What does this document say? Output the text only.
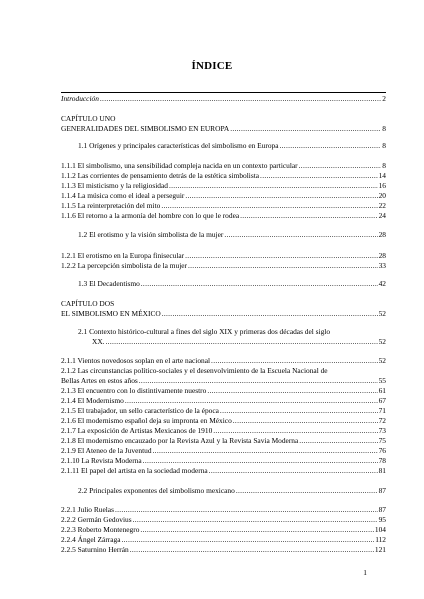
ÍNDICE
Introducción .....	2
CAPÍTULO UNO
GENERALIDADES DEL SIMBOLISMO EN EUROPA .....	8
1.1 Orígenes y principales características del simbolismo en Europa .....	8
1.1.1 El simbolismo, una sensibilidad compleja nacida en un contexto particular .....	8
1.1.2 Las corrientes de pensamiento detrás de la estética simbolista .....	14
1.1.3 El misticismo y la religiosidad .....	16
1.1.4 La música como el ideal a perseguir .....	20
1.1.5 La reinterpretación del mito .....	22
1.1.6 El retorno a la armonía del hombre con lo que le rodea .....	24
1.2 El erotismo y la visión simbolista de la mujer .....	28
1.2.1 El erotismo en la Europa finisecular .....	28
1.2.2 La percepción simbolista de la mujer .....	33
1.3 El Decadentismo .....	42
CAPÍTULO DOS
EL SIMBOLISMO EN MÉXICO .....	52
2.1 Contexto histórico-cultural a fines del siglo XIX y primeras dos décadas del siglo
XX. .....	52
2.1.1 Vientos novedosos soplan en el arte nacional .....	52
2.1.2 Las circunstancias político-sociales y el desenvolvimiento de la Escuela Nacional de
Bellas Artes en estos años .....	55
2.1.3 El encuentro con lo distintivamente nuestro .....	61
2.1.4 El Modernismo .....	67
2.1.5 El trabajador, un sello característico de la época .....	71
2.1.6 El modernismo español deja su impronta en México .....	72
2.1.7 La exposición de Artistas Mexicanos de 1910 .....	73
2.1.8 El modernismo encauzado por la Revista Azul y la Revista Savia Moderna .....	75
2.1.9 El Ateneo de la Juventud .....	76
2.1.10 La Revista Moderna .....	78
2.1.11 El papel del artista en la sociedad moderna .....	81
2.2 Principales exponentes del simbolismo mexicano .....	87
2.2.1 Julio Ruelas .....	87
2.2.2 Germán Gedovius .....	95
2.2.3 Roberto Montenegro .....	104
2.2.4 Ángel Zárraga .....	112
2.2.5 Saturnino Herrán .....	121
1
